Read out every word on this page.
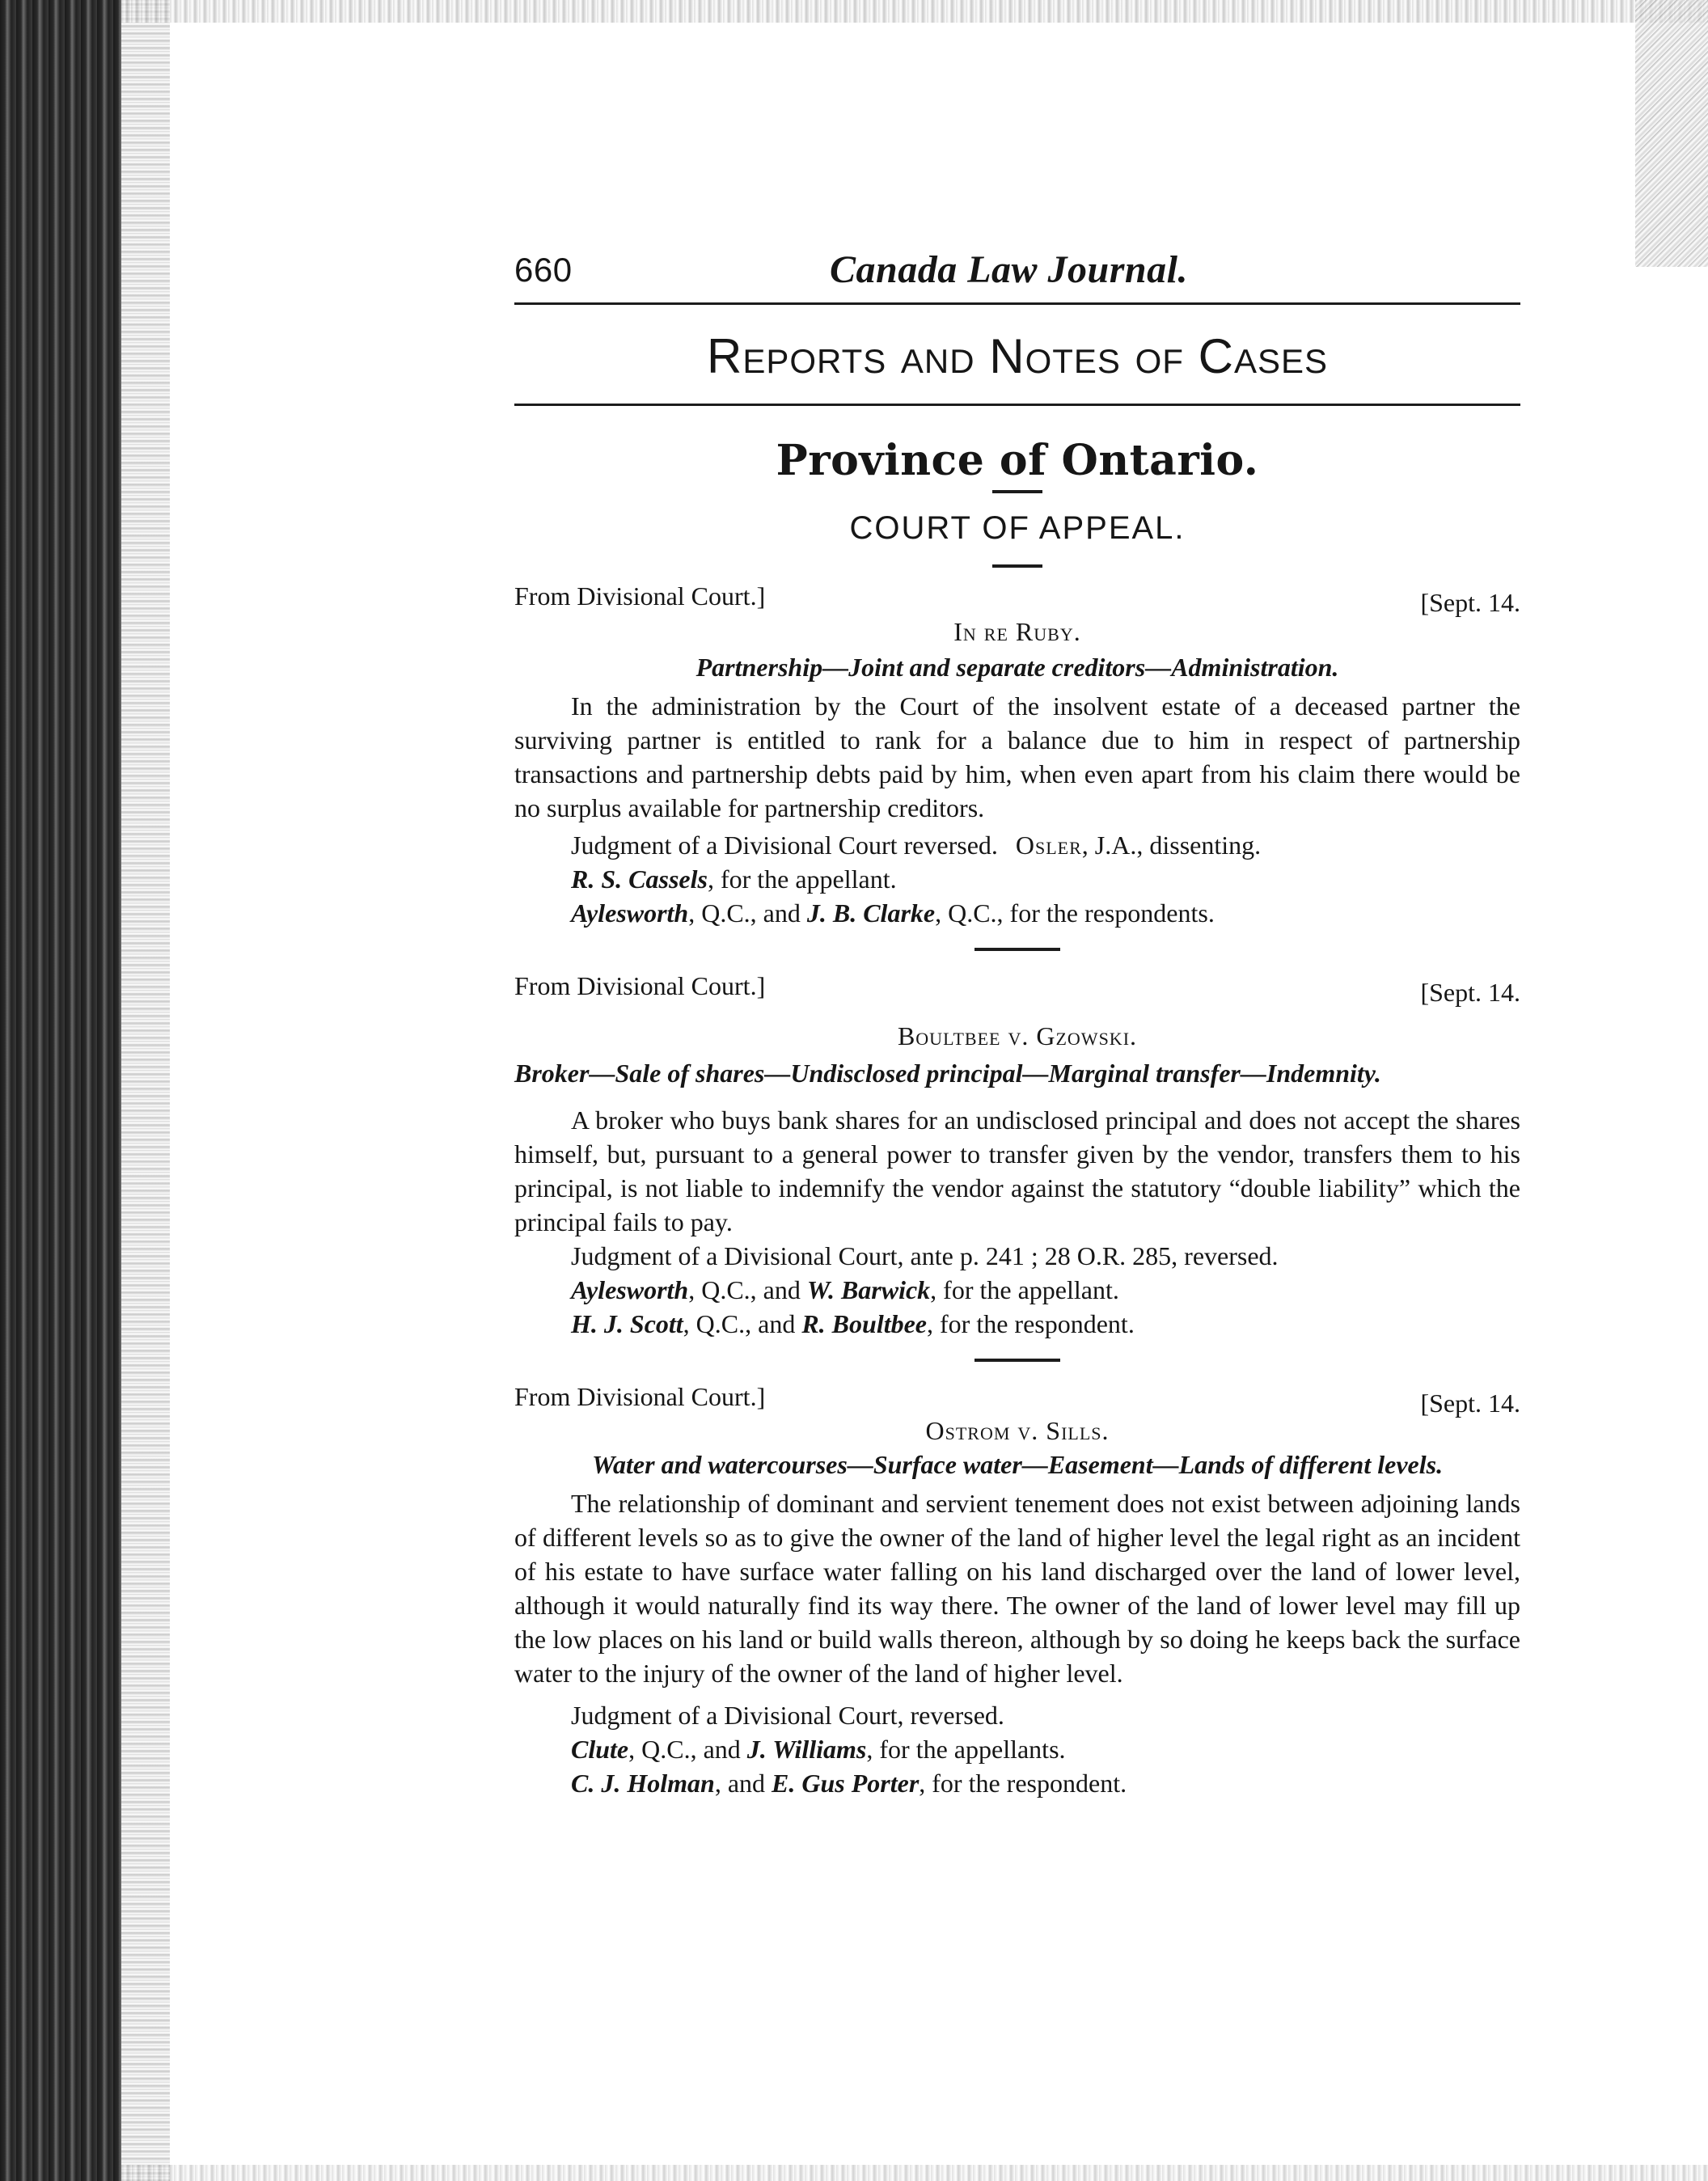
660	Canada Law Journal.
Reports and Notes of Cases
Province of Ontario.
COURT OF APPEAL.
From Divisional Court.]	[Sept. 14.
In re Ruby.
Partnership—Joint and separate creditors—Administration.
In the administration by the Court of the insolvent estate of a deceased partner the surviving partner is entitled to rank for a balance due to him in respect of partnership transactions and partnership debts paid by him, when even apart from his claim there would be no surplus available for partnership creditors.
Judgment of a Divisional Court reversed. Osler, J.A., dissenting.
R. S. Cassels, for the appellant.
Aylesworth, Q.C., and J. B. Clarke, Q.C., for the respondents.
From Divisional Court.]	[Sept. 14.
Boultbee v. Gzowski.
Broker—Sale of shares—Undisclosed principal—Marginal transfer—Indemnity.
A broker who buys bank shares for an undisclosed principal and does not accept the shares himself, but, pursuant to a general power to transfer given by the vendor, transfers them to his principal, is not liable to indemnify the vendor against the statutory “double liability” which the principal fails to pay.
Judgment of a Divisional Court, ante p. 241 ; 28 O.R. 285, reversed.
Aylesworth, Q.C., and W. Barwick, for the appellant.
H. J. Scott, Q.C., and R. Boultbee, for the respondent.
From Divisional Court.]	[Sept. 14.
Ostrom v. Sills.
Water and watercourses—Surface water—Easement—Lands of different levels.
The relationship of dominant and servient tenement does not exist between adjoining lands of different levels so as to give the owner of the land of higher level the legal right as an incident of his estate to have surface water falling on his land discharged over the land of lower level, although it would naturally find its way there. The owner of the land of lower level may fill up the low places on his land or build walls thereon, although by so doing he keeps back the surface water to the injury of the owner of the land of higher level.
Judgment of a Divisional Court, reversed.
Clute, Q.C., and J. Williams, for the appellants.
C. J. Holman, and E. Gus Porter, for the respondent.
